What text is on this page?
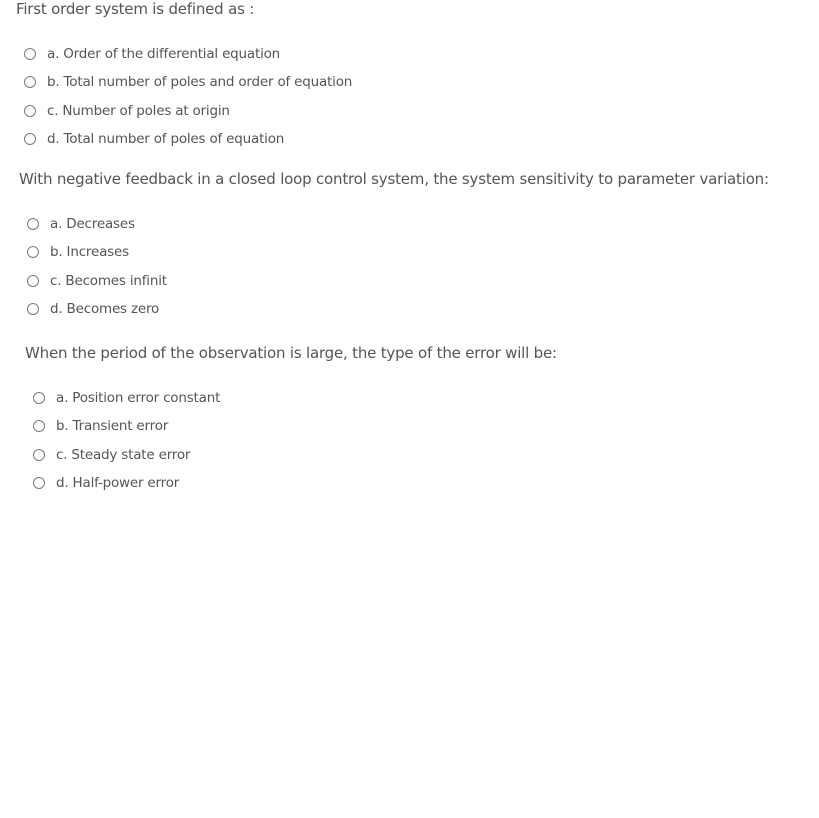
First order system is defined as :
a. Order of the differential equation
b. Total number of poles and order of equation
c. Number of poles at origin
d. Total number of poles of equation
With negative feedback in a closed loop control system, the system sensitivity to parameter variation:
a. Decreases
b. Increases
c. Becomes infinit
d. Becomes zero
When the period of the observation is large, the type of the error will be:
a. Position error constant
b. Transient error
c. Steady state error
d. Half-power error
